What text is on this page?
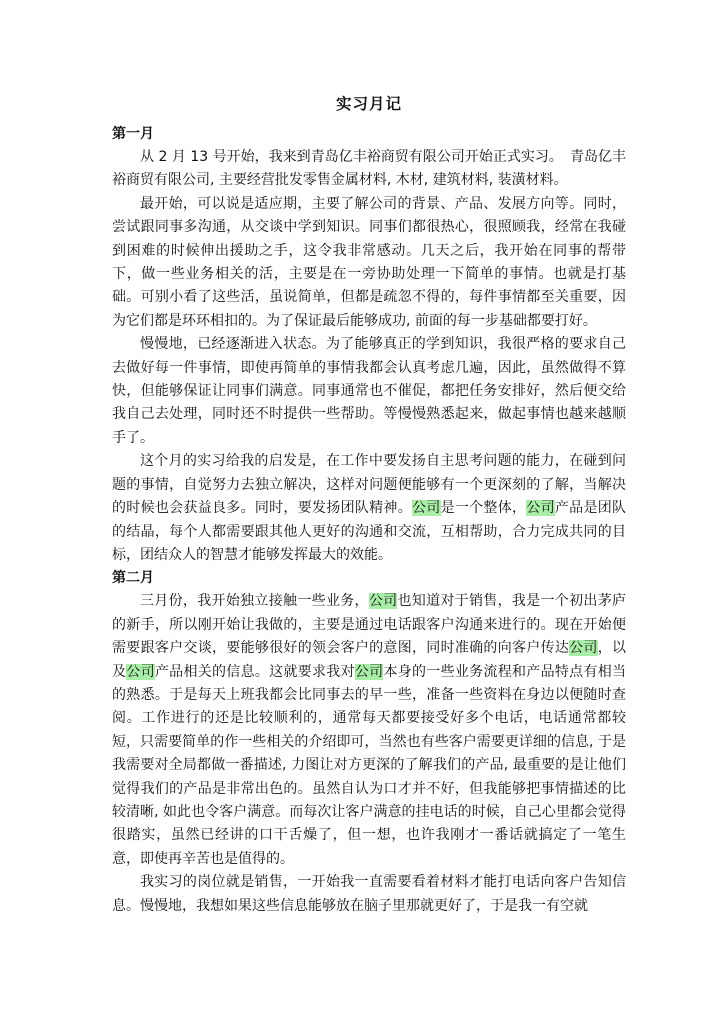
实习月记
第一月

从 2 月 13 号开始，我来到青岛亿丰裕商贸有限公司开始正式实习。　青岛亿丰裕商贸有限公司, 主要经营批发零售金属材料, 木材, 建筑材料, 装潢材料。

最开始，可以说是适应期，主要了解公司的背景、产品、发展方向等。同时，尝试跟同事多沟通，从交谈中学到知识。同事们都很热心，很照顾我，经常在我碰到困难的时候伸出援助之手，这令我非常感动。几天之后，我开始在同事的帮带下，做一些业务相关的活，主要是在一旁协助处理一下简单的事情。也就是打基础。可别小看了这些活，虽说简单，但都是疏忽不得的，每件事情都至关重要，因为它们都是环环相扣的。为了保证最后能够成功, 前面的每一步基础都要打好。

慢慢地，已经逐渐进入状态。为了能够真正的学到知识，我很严格的要求自己去做好每一件事情，即使再简单的事情我都会认真考虑几遍，因此，虽然做得不算快，但能够保证让同事们满意。同事通常也不催促，都把任务安排好，然后便交给我自己去处理，同时还不时提供一些帮助。等慢慢熟悉起来，做起事情也越来越顺手了。

这个月的实习给我的启发是，在工作中要发扬自主思考问题的能力，在碰到问题的事情，自觉努力去独立解决，这样对问题便能够有一个更深刻的了解，当解决的时候也会获益良多。同时，要发扬团队精神。公司是一个整体，公司产品是团队的结晶，每个人都需要跟其他人更好的沟通和交流，互相帮助，合力完成共同的目标，团结众人的智慧才能够发挥最大的效能。

第二月

三月份，我开始独立接触一些业务，公司也知道对于销售，我是一个初出茅庐的新手，所以刚开始让我做的，主要是通过电话跟客户沟通来进行的。现在开始便需要跟客户交谈，要能够很好的领会客户的意图，同时准确的向客户传达公司，以及公司产品相关的信息。这就要求我对公司本身的一些业务流程和产品特点有相当的熟悉。于是每天上班我都会比同事去的早一些，准备一些资料在身边以便随时查阅。工作进行的还是比较顺利的，通常每天都要接受好多个电话，电话通常都较短，只需要简单的作一些相关的介绍即可，当然也有些客户需要更详细的信息, 于是我需要对全局都做一番描述, 力图让对方更深的了解我们的产品, 最重要的是让他们觉得我们的产品是非常出色的。虽然自认为口才并不好，但我能够把事情描述的比较清晰, 如此也令客户满意。而每次让客户满意的挂电话的时候，自己心里都会觉得很踏实，虽然已经讲的口干舌燥了，但一想，也许我刚才一番话就搞定了一笔生意，即使再辛苦也是值得的。

我实习的岗位就是销售，一开始我一直需要看着材料才能打电话向客户告知信息。慢慢地，我想如果这些信息能够放在脑子里那就更好了，于是我一有空就
